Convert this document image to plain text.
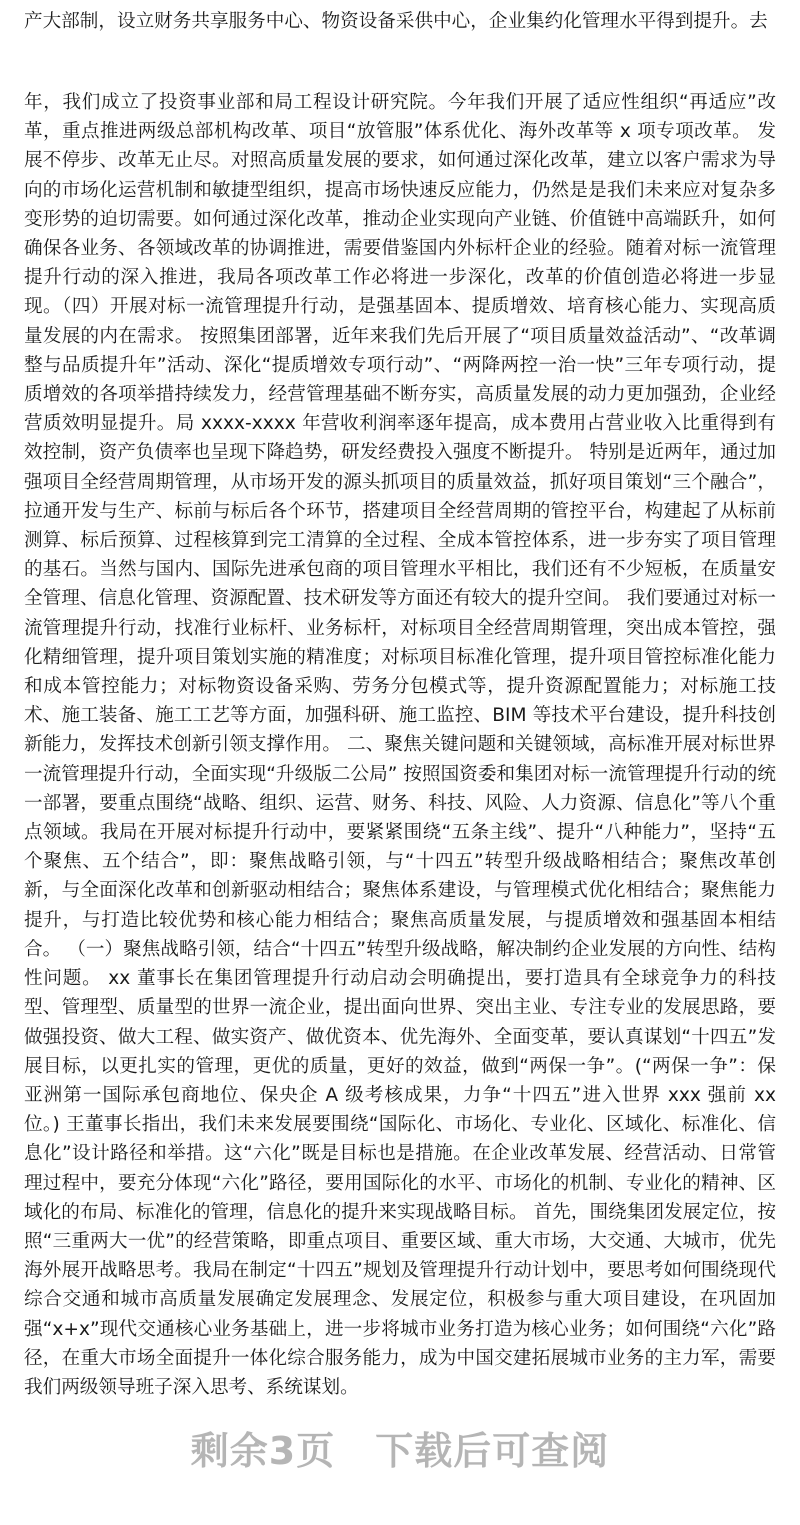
产大部制，设立财务共享服务中心、物资设备采供中心，企业集约化管理水平得到提升。去

年，我们成立了投资事业部和局工程设计研究院。今年我们开展了适应性组织“再适应”改革，重点推进两级总部机构改革、项目“放管服”体系优化、海外改革等 x 项专项改革。 发展不停步、改革无止尽。对照高质量发展的要求，如何通过深化改革，建立以客户需求为导向的市场化运营机制和敏捷型组织，提高市场快速反应能力，仍然是是我们未来应对复杂多变形势的迫切需要。如何通过深化改革，推动企业实现向产业链、价值链中高端跃升，如何确保各业务、各领域改革的协调推进，需要借鉴国内外标杆企业的经验。随着对标一流管理提升行动的深入推进，我局各项改革工作必将进一步深化，改革的价值创造必将进一步显现。（四）开展对标一流管理提升行动，是强基固本、提质增效、培育核心能力、实现高质量发展的内在需求。 按照集团部署，近年来我们先后开展了“项目质量效益活动”、“改革调整与品质提升年”活动、深化“提质增效专项行动”、“两降两控一治一快”三年专项行动，提质增效的各项举措持续发力，经营管理基础不断夯实，高质量发展的动力更加强劲，企业经营质效明显提升。局 xxxx-xxxx 年营收利润率逐年提高，成本费用占营业收入比重得到有效控制，资产负债率也呈现下降趋势，研发经费投入强度不断提升。 特别是近两年，通过加强项目全经营周期管理，从市场开发的源头抓项目的质量效益，抓好项目策划“三个融合”，拉通开发与生产、标前与标后各个环节，搭建项目全经营周期的管控平台，构建起了从标前测算、标后预算、过程核算到完工清算的全过程、全成本管控体系，进一步夯实了项目管理的基石。当然与国内、国际先进承包商的项目管理水平相比，我们还有不少短板，在质量安全管理、信息化管理、资源配置、技术研发等方面还有较大的提升空间。 我们要通过对标一流管理提升行动，找准行业标杆、业务标杆，对标项目全经营周期管理，突出成本管控，强化精细管理，提升项目策划实施的精准度；对标项目标准化管理，提升项目管控标准化能力和成本管控能力；对标物资设备采购、劳务分包模式等，提升资源配置能力；对标施工技术、施工装备、施工工艺等方面，加强科研、施工监控、BIM 等技术平台建设，提升科技创新能力，发挥技术创新引领支撑作用。 二、聚焦关键问题和关键领域，高标准开展对标世界一流管理提升行动，全面实现“升级版二公局” 按照国资委和集团对标一流管理提升行动的统一部署，要重点围绕“战略、组织、运营、财务、科技、风险、人力资源、信息化”等八个重点领域。我局在开展对标提升行动中，要紧紧围绕“五条主线”、提升“八种能力”，坚持“五个聚焦、五个结合”，即：聚焦战略引领，与“十四五”转型升级战略相结合；聚焦改革创新，与全面深化改革和创新驱动相结合；聚焦体系建设，与管理模式优化相结合；聚焦能力提升，与打造比较优势和核心能力相结合；聚焦高质量发展，与提质增效和强基固本相结合。 （一）聚焦战略引领，结合“十四五”转型升级战略，解决制约企业发展的方向性、结构性问题。 xx 董事长在集团管理提升行动启动会明确提出，要打造具有全球竞争力的科技型、管理型、质量型的世界一流企业，提出面向世界、突出主业、专注专业的发展思路，要做强投资、做大工程、做实资产、做优资本、优先海外、全面变革，要认真谋划“十四五”发展目标，以更扎实的管理，更优的质量，更好的效益，做到“两保一争”。(“两保一争”：保亚洲第一国际承包商地位、保央企 A 级考核成果，力争“十四五”进入世界 xxx 强前 xx 位。) 王董事长指出，我们未来发展要围绕“国际化、市场化、专业化、区域化、标准化、信息化”设计路径和举措。这“六化”既是目标也是措施。在企业改革发展、经营活动、日常管理过程中，要充分体现“六化”路径，要用国际化的水平、市场化的机制、专业化的精神、区域化的布局、标准化的管理，信息化的提升来实现战略目标。 首先，围绕集团发展定位，按照“三重两大一优”的经营策略，即重点项目、重要区域、重大市场，大交通、大城市，优先海外展开战略思考。我局在制定“十四五”规划及管理提升行动计划中，要思考如何围绕现代综合交通和城市高质量发展确定发展理念、发展定位，积极参与重大项目建设，在巩固加强“x+x”现代交通核心业务基础上，进一步将城市业务打造为核心业务；如何围绕“六化”路径，在重大市场全面提升一体化综合服务能力，成为中国交建拓展城市业务的主力军，需要我们两级领导班子深入思考、系统谋划。

剩余3页 下载后可查阅
